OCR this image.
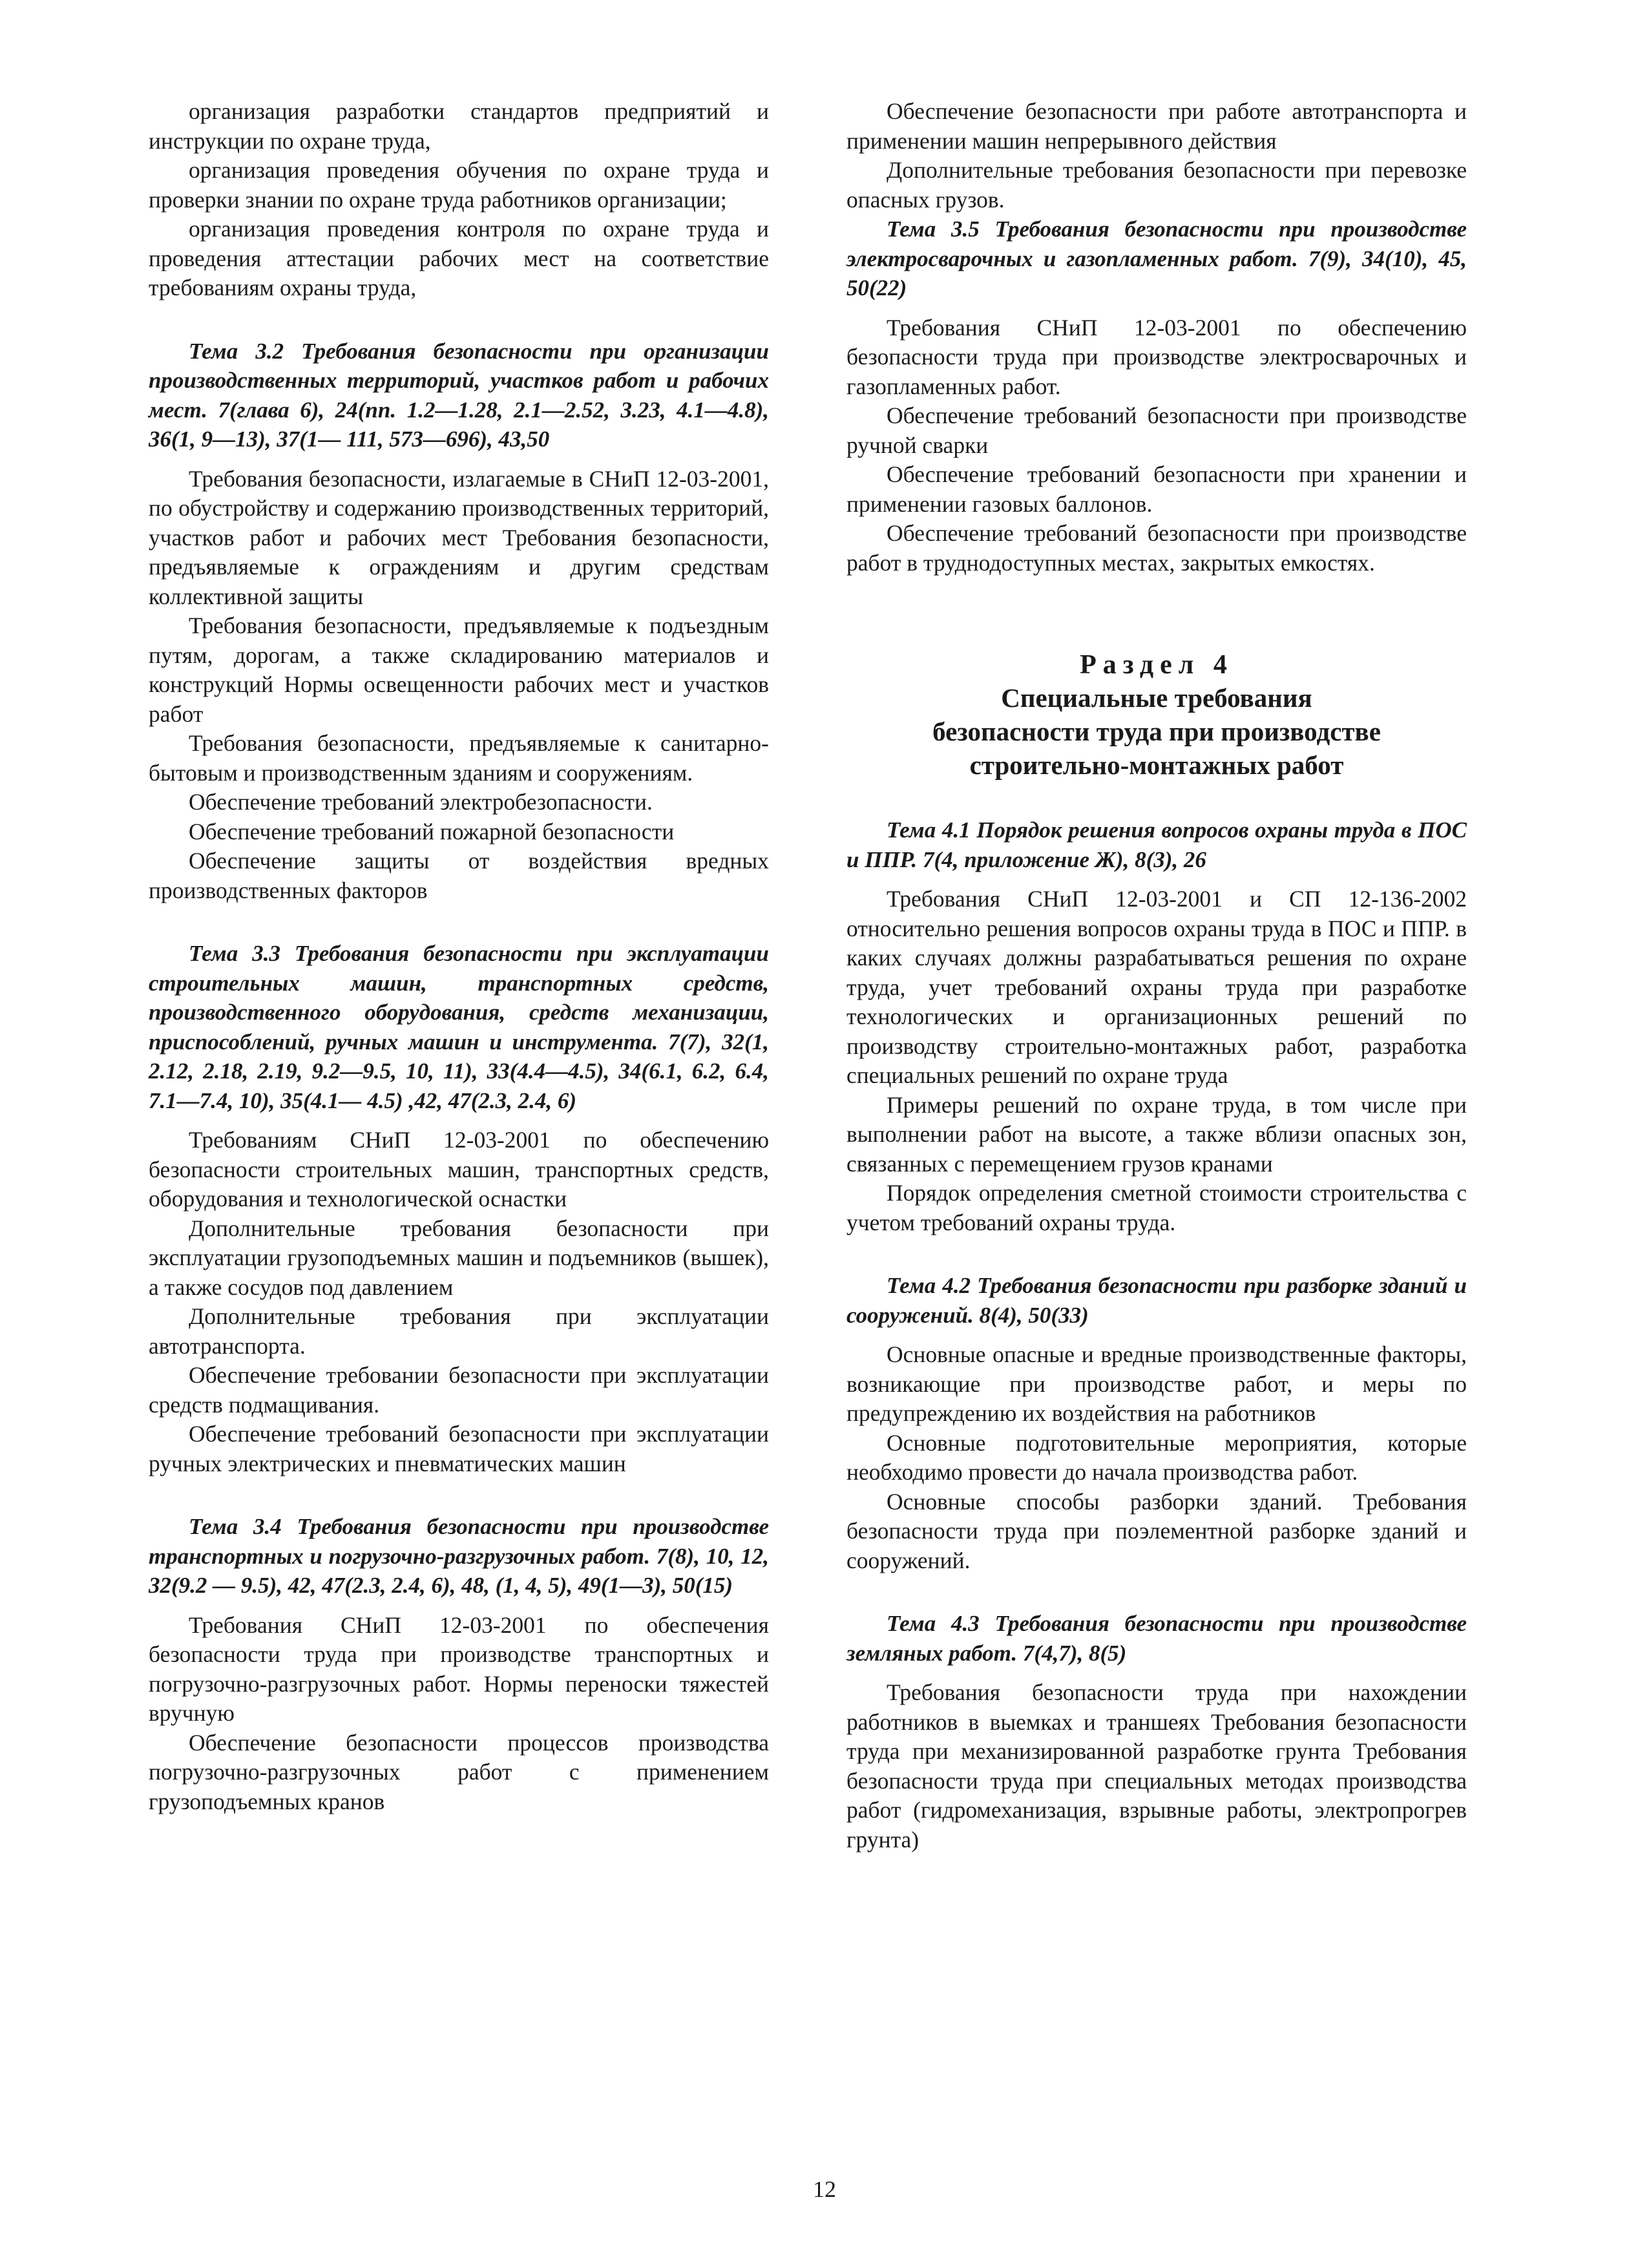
организация разработки стандартов предприятий и инструкции по охране труда,

организация проведения обучения по охране труда и проверки знании по охране труда работников организации;

организация проведения контроля по охране труда и проведения аттестации рабочих мест на соответствие требованиям охраны труда,

Тема 3.2 Требования безопасности при организации производственных территорий, участков работ и рабочих мест. 7(глава 6), 24(пп. 1.2—1.28, 2.1—2.52, 3.23, 4.1—4.8), 36(1, 9—13), 37(1— 111, 573—696), 43,50

Требования безопасности, излагаемые в СНиП 12-03-2001, по обустройству и содержанию производственных территорий, участков работ и рабочих мест Требования безопасности, предъявляемые к ограждениям и другим средствам коллективной защиты

Требования безопасности, предъявляемые к подъездным путям, дорогам, а также складированию материалов и конструкций Нормы освещенности рабочих мест и участков работ

Требования безопасности, предъявляемые к санитарно-бытовым и производственным зданиям и сооружениям.

Обеспечение требований электробезопасности.

Обеспечение требований пожарной безопасности

Обеспечение защиты от воздействия вредных производственных факторов

Тема 3.3 Требования безопасности при эксплуатации строительных машин, транспортных средств, производственного оборудования, средств механизации, приспособлений, ручных машин и инструмента. 7(7), 32(1, 2.12, 2.18, 2.19, 9.2—9.5, 10, 11), 33(4.4—4.5), 34(6.1, 6.2, 6.4, 7.1—7.4, 10), 35(4.1— 4.5) ,42, 47(2.3, 2.4, 6)

Требованиям СНиП 12-03-2001 по обеспечению безопасности строительных машин, транспортных средств, оборудования и технологической оснастки

Дополнительные требования безопасности при эксплуатации грузоподъемных машин и подъемников (вышек), а также сосудов под давлением

Дополнительные требования при эксплуатации автотранспорта.

Обеспечение требовании безопасности при эксплуатации средств подмащивания.

Обеспечение требований безопасности при эксплуатации ручных электрических и пневматических машин

Тема 3.4 Требования безопасности при производстве транспортных и погрузочно-разгрузочных работ. 7(8), 10, 12, 32(9.2 — 9.5), 42, 47(2.3, 2.4, 6), 48, (1, 4, 5), 49(1—3), 50(15)

Требования СНиП 12-03-2001 по обеспечения безопасности труда при производстве транспортных и погрузочно-разгрузочных работ. Нормы переноски тяжестей вручную

Обеспечение безопасности процессов производства погрузочно-разгрузочных работ с применением грузоподъемных кранов

Обеспечение безопасности при работе автотранспорта и применении машин непрерывного действия

Дополнительные требования безопасности при перевозке опасных грузов.

Тема 3.5 Требования безопасности при производстве электросварочных и газопламенных работ. 7(9), 34(10), 45, 50(22)

Требования СНиП 12-03-2001 по обеспечению безопасности труда при производстве электросварочных и газопламенных работ.

Обеспечение требований безопасности при производстве ручной сварки

Обеспечение требований безопасности при хранении и применении газовых баллонов.

Обеспечение требований безопасности при производстве работ в труднодоступных местах, закрытых емкостях.

Раздел 4
Специальные требования
безопасности труда при производстве
строительно-монтажных работ

Тема 4.1 Порядок решения вопросов охраны труда в ПОС и ППР. 7(4, приложение Ж), 8(3), 26

Требования СНиП 12-03-2001 и СП 12-136-2002 относительно решения вопросов охраны труда в ПОС и ППР. в каких случаях должны разрабатываться решения по охране труда, учет требований охраны труда при разработке технологических и организационных решений по производству строительно-монтажных работ, разработка специальных решений по охране труда

Примеры решений по охране труда, в том числе при выполнении работ на высоте, а также вблизи опасных зон, связанных с перемещением грузов кранами

Порядок определения сметной стоимости строительства с учетом требований охраны труда.

Тема 4.2 Требования безопасности при разборке зданий и сооружений. 8(4), 50(33)

Основные опасные и вредные производственные факторы, возникающие при производстве работ, и меры по предупреждению их воздействия на работников

Основные подготовительные мероприятия, которые необходимо провести до начала производства работ.

Основные способы разборки зданий. Требования безопасности труда при поэлементной разборке зданий и сооружений.

Тема 4.3 Требования безопасности при производстве земляных работ. 7(4,7), 8(5)

Требования безопасности труда при нахождении работников в выемках и траншеях Требования безопасности труда при механизированной разработке грунта Требования безопасности труда при специальных методах производства работ (гидромеханизация, взрывные работы, электропрогрев грунта)

12
